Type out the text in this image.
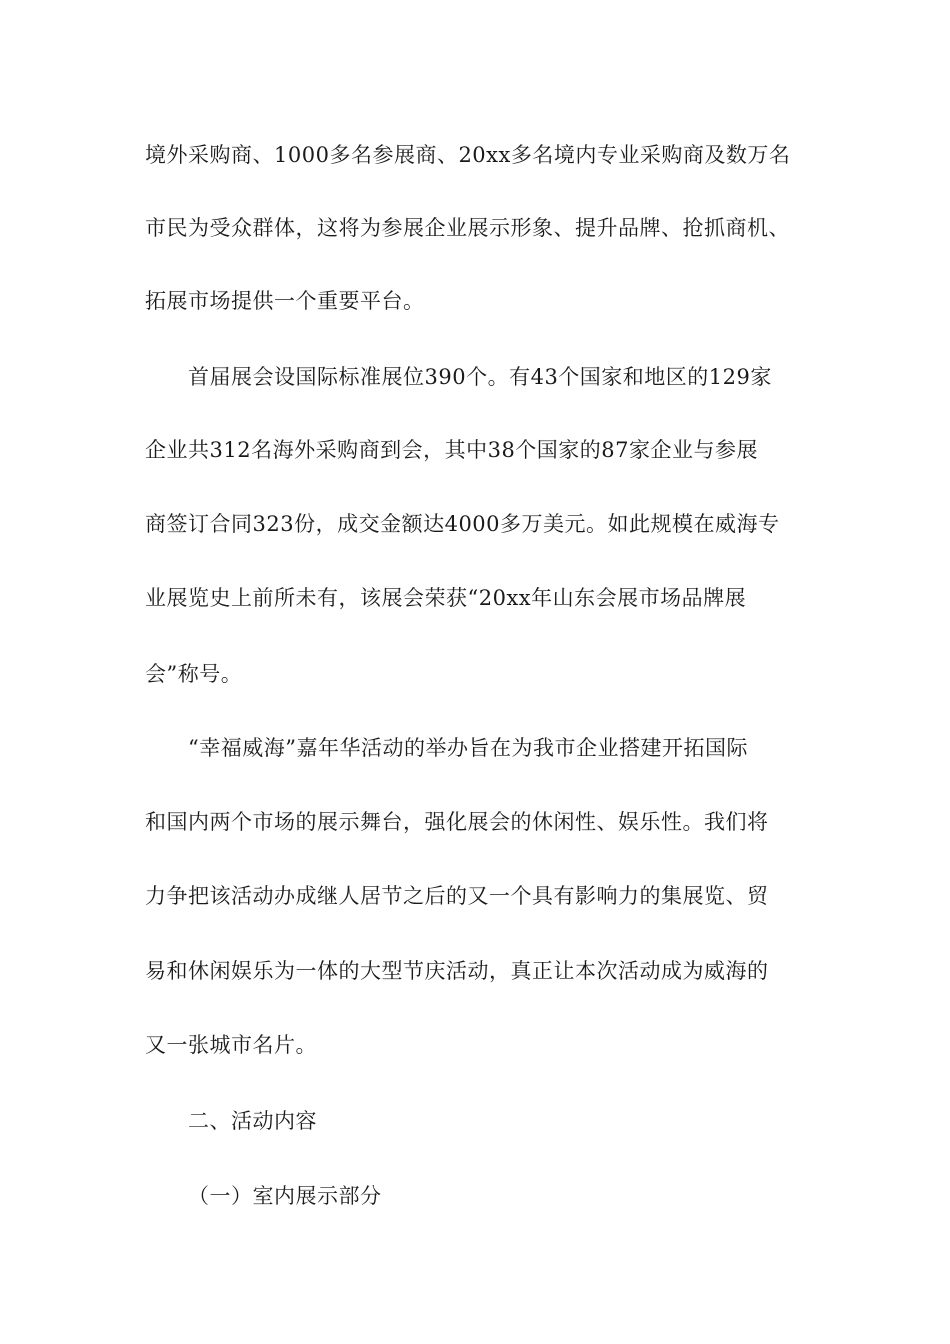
境外采购商、1000多名参展商、20xx多名境内专业采购商及数万名
市民为受众群体，这将为参展企业展示形象、提升品牌、抢抓商机、
拓展市场提供一个重要平台。
首届展会设国际标准展位390个。有43个国家和地区的129家
企业共312名海外采购商到会，其中38个国家的87家企业与参展
商签订合同323份，成交金额达4000多万美元。如此规模在威海专
业展览史上前所未有，该展会荣获“20xx年山东会展市场品牌展
会”称号。
“幸福威海”嘉年华活动的举办旨在为我市企业搭建开拓国际
和国内两个市场的展示舞台，强化展会的休闲性、娱乐性。我们将
力争把该活动办成继人居节之后的又一个具有影响力的集展览、贸
易和休闲娱乐为一体的大型节庆活动，真正让本次活动成为威海的
又一张城市名片。
二、活动内容
（一）室内展示部分
